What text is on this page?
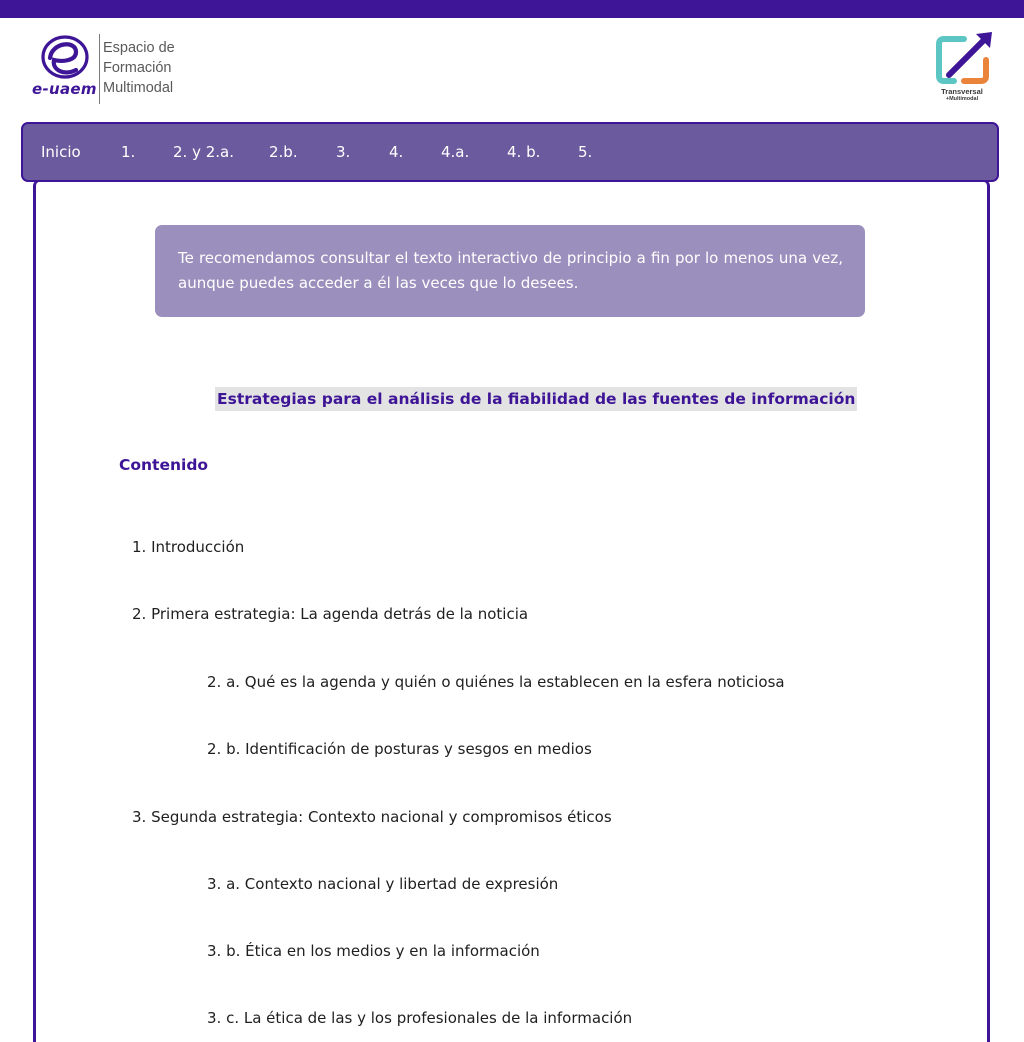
e-uaem
Espacio de
Formación
Multimodal	Transversal
+Multimodal
Inicio	1.	2. y 2.a. 2.b.	3.	4.	4.a.	4. b.	5.
Te recomendamos consultar el texto interactivo de principio a fin por lo menos una vez, aunque puedes acceder a él las veces que lo desees.
Estrategias para el análisis de la fiabilidad de las fuentes de información
Contenido
1. Introducción
2. Primera estrategia: La agenda detrás de la noticia
2. a. Qué es la agenda y quién o quiénes la establecen en la esfera noticiosa
2. b. Identificación de posturas y sesgos en medios
3. Segunda estrategia: Contexto nacional y compromisos éticos
3. a. Contexto nacional y libertad de expresión
3. b. Ética en los medios y en la información
3. c. La ética de las y los profesionales de la información
